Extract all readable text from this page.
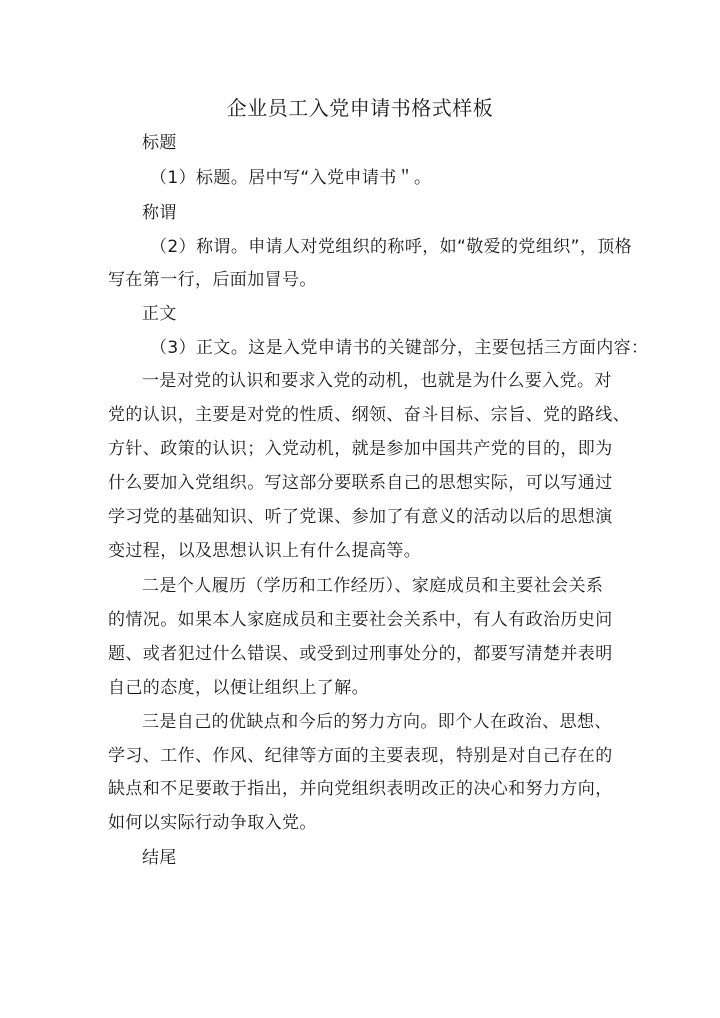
企业员工入党申请书格式样板
标题
（1）标题。居中写“入党申请书＂。
称谓
（2）称谓。申请人对党组织的称呼，如“敬爱的党组织”，顶格
写在第一行，后面加冒号。
正文
（3）正文。这是入党申请书的关键部分，主要包括三方面内容：
一是对党的认识和要求入党的动机，也就是为什么要入党。对
党的认识，主要是对党的性质、纲领、奋斗目标、宗旨、党的路线、
方针、政策的认识；入党动机，就是参加中国共产党的目的，即为
什么要加入党组织。写这部分要联系自己的思想实际，可以写通过
学习党的基础知识、听了党课、参加了有意义的活动以后的思想演
变过程，以及思想认识上有什么提高等。
二是个人履历（学历和工作经历）、家庭成员和主要社会关系
的情况。如果本人家庭成员和主要社会关系中，有人有政治历史问
题、或者犯过什么错误、或受到过刑事处分的，都要写清楚并表明
自己的态度，以便让组织上了解。
三是自己的优缺点和今后的努力方向。即个人在政治、思想、
学习、工作、作风、纪律等方面的主要表现，特别是对自己存在的
缺点和不足要敢于指出，并向党组织表明改正的决心和努力方向，
如何以实际行动争取入党。
结尾
